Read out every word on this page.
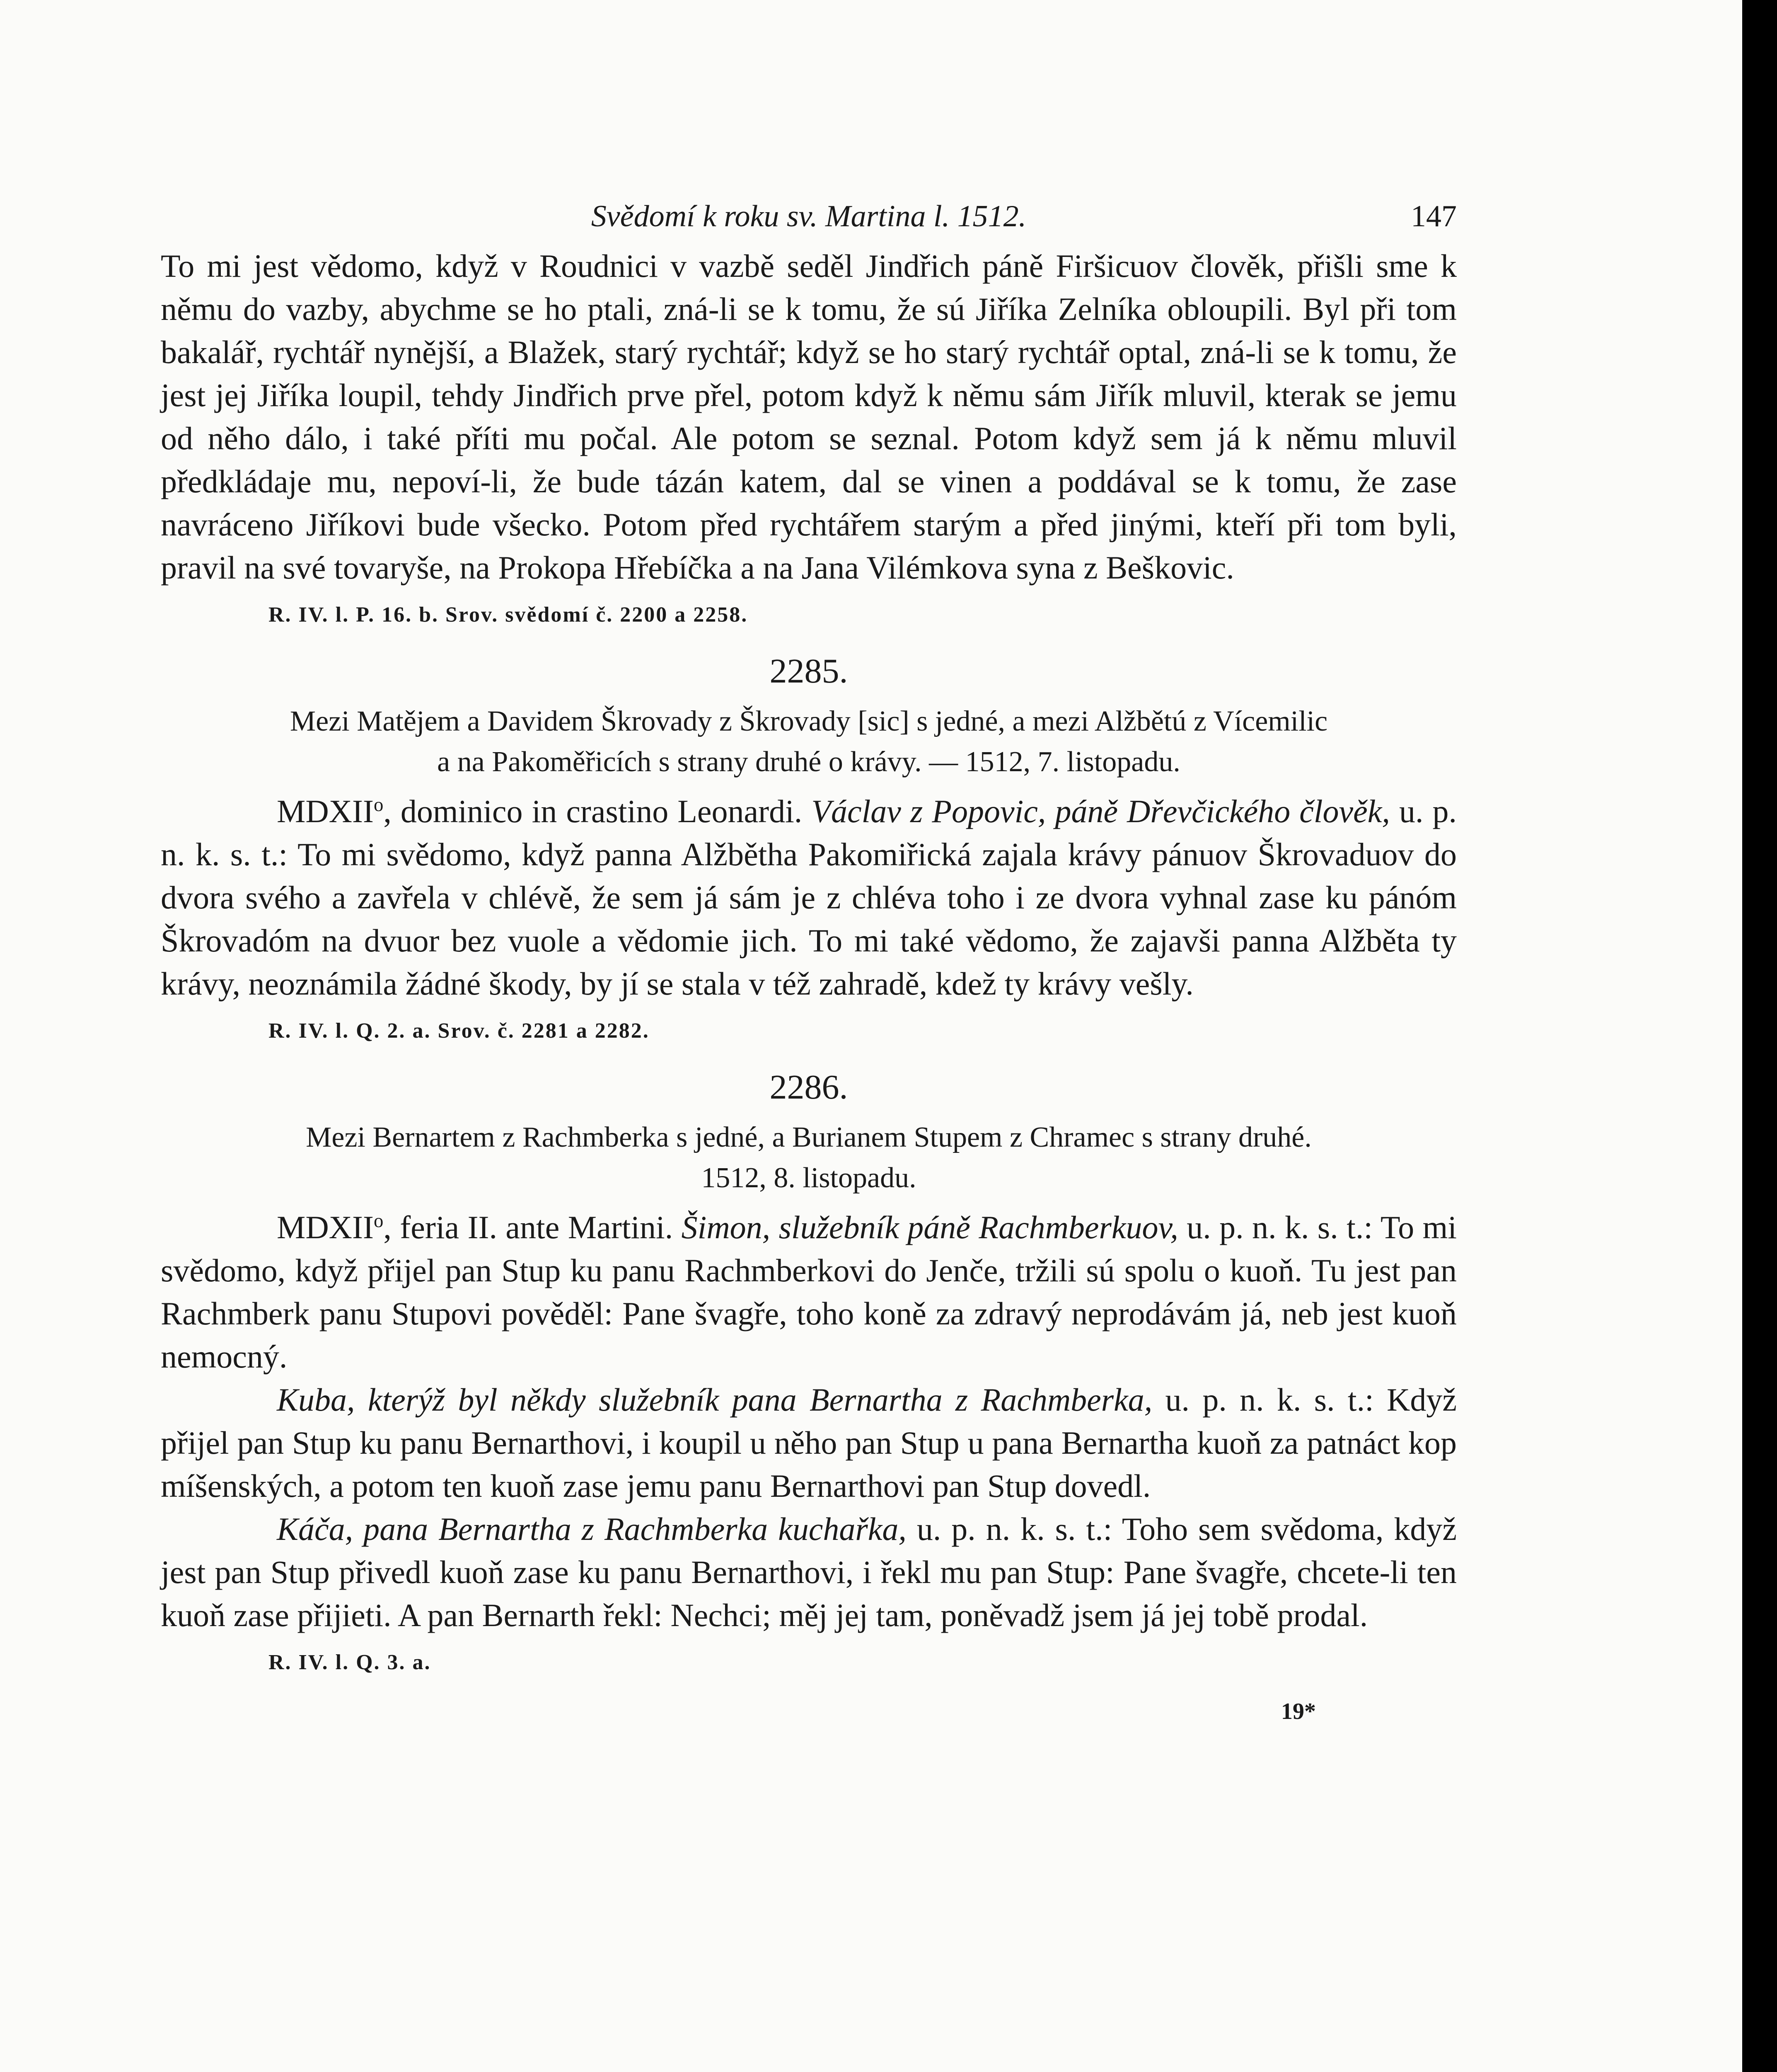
Svědomí k roku sv. Martina l. 1512.	147

To mi jest vědomo, když v Roudnici v vazbě seděl Jindřich páně Firšicuov člověk, přišli sme k němu do vazby, abychme se ho ptali, zná-li se k tomu, že sú Jiříka Zelníka obloupili. Byl při tom bakalář, rychtář nynější, a Blažek, starý rychtář; když se ho starý rychtář optal, zná-li se k tomu, že jest jej Jiříka loupil, tehdy Jindřich prve přel, potom když k němu sám Jiřík mluvil, kterak se jemu od něho dálo, i také příti mu počal. Ale potom se seznal. Potom když sem já k němu mluvil předkládaje mu, nepoví-li, že bude tázán katem, dal se vinen a poddával se k tomu, že zase navráceno Jiříkovi bude všecko. Potom před rychtářem starým a před jinými, kteří při tom byli, pravil na své tovaryše, na Prokopa Hřebíčka a na Jana Vilémkova syna z Beškovic.

R. IV. l. P. 16. b. Srov. svědomí č. 2200 a 2258.
2285.
Mezi Matějem a Davidem Škrovady z Škrovady [sic] s jedné, a mezi Alžbětú z Vícemilic
a na Pakoměřicích s strany druhé o krávy. — 1512, 7. listopadu.

MDXII$^o$, dominico in crastino Leonardi. Václav z Popovic, páně Dřevčického člověk, u. p. n. k. s. t.: To mi svědomo, když panna Alžbětha Pakomiřická zajala krávy pánuov Škrovaduov do dvora svého a zavřela v chlévě, že sem já sám je z chléva toho i ze dvora vyhnal zase ku pánóm Škrovadóm na dvuor bez vuole a vědomie jich. To mi také vědomo, že zajavši panna Alžběta ty krávy, neoznámila žádné škody, by jí se stala v též zahradě, kdež ty krávy vešly.

R. IV. l. Q. 2. a. Srov. č. 2281 a 2282.
2286.
Mezi Bernartem z Rachmberka s jedné, a Burianem Stupem z Chramec s strany druhé.
1512, 8. listopadu.

MDXII$^o$, feria II. ante Martini. Šimon, služebník páně Rachmberkuov, u. p. n. k. s. t.: To mi svědomo, když přijel pan Stup ku panu Rachmberkovi do Jenče, tržili sú spolu o kuoň. Tu jest pan Rachmberk panu Stupovi pověděl: Pane švagře, toho koně za zdravý neprodávám já, neb jest kuoň nemocný.

Kuba, kterýž byl někdy služebník pana Bernartha z Rachmberka, u. p. n. k. s. t.: Když přijel pan Stup ku panu Bernarthovi, i koupil u něho pan Stup u pana Bernartha kuoň za patnáct kop míšenských, a potom ten kuoň zase jemu panu Bernarthovi pan Stup dovedl.

Káča, pana Bernartha z Rachmberka kuchařka, u. p. n. k. s. t.: Toho sem svědoma, když jest pan Stup přivedl kuoň zase ku panu Bernarthovi, i řekl mu pan Stup: Pane švagře, chcete-li ten kuoň zase přijieti. A pan Bernarth řekl: Nechci; měj jej tam, poněvadž jsem já jej tobě prodal.

R. IV. l. Q. 3. a.
19*
